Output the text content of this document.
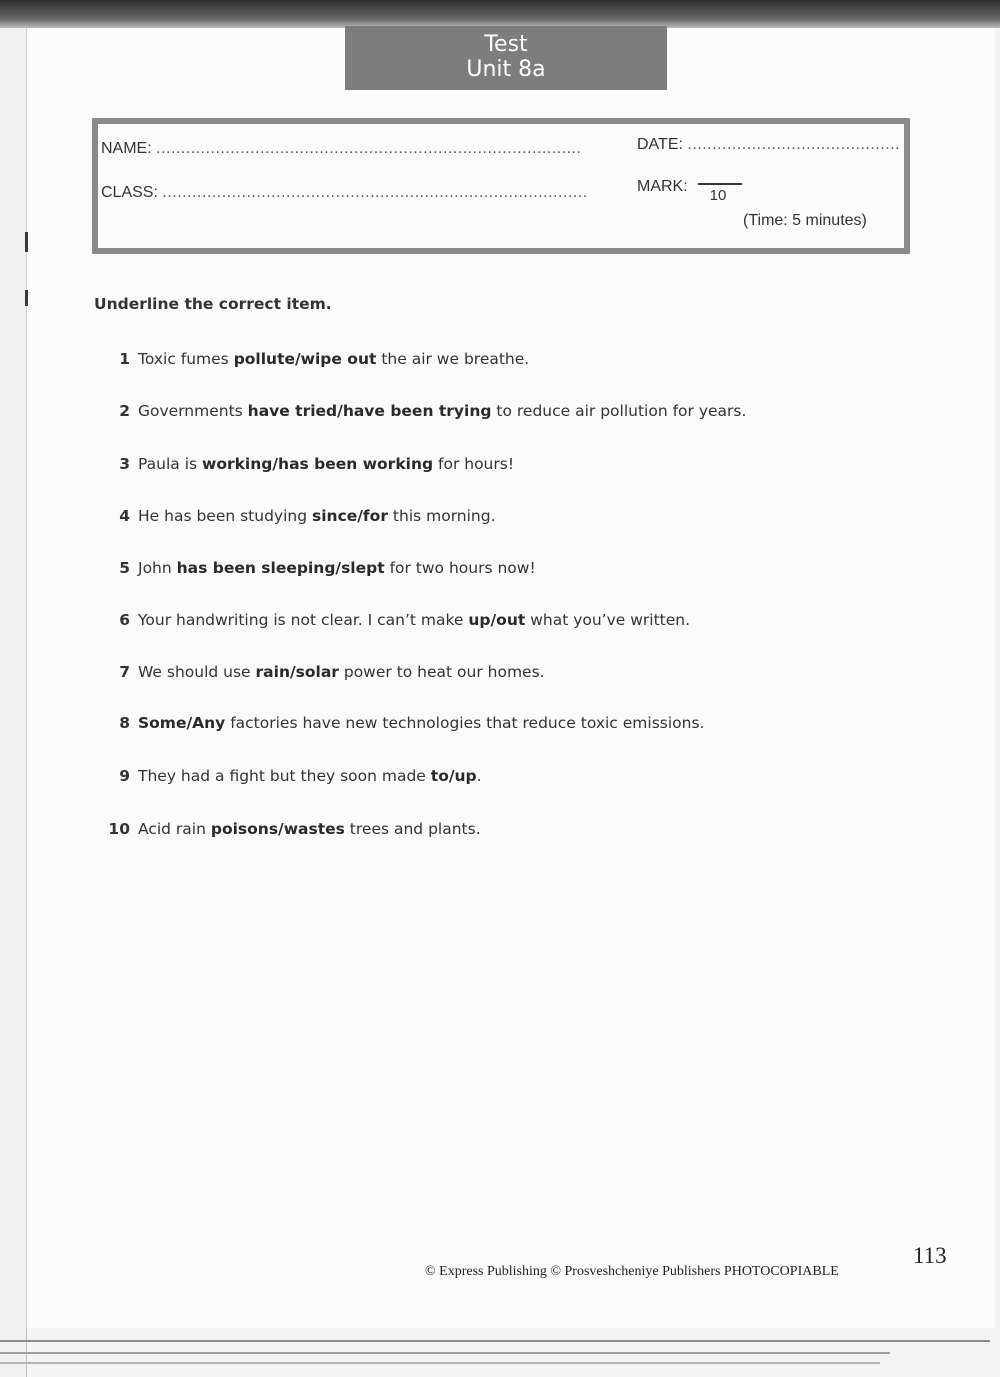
Test
Unit 8a
NAME: ......................................................................................	DATE: ...........................................
CLASS: ......................................................................................	MARK:	10
(Time: 5 minutes)
Underline the correct item.
1 Toxic fumes pollute/wipe out the air we breathe.
2 Governments have tried/have been trying to reduce air pollution for years.
3 Paula is working/has been working for hours!
4 He has been studying since/for this morning.
5 John has been sleeping/slept for two hours now!
6 Your handwriting is not clear. I can’t make up/out what you’ve written.
7 We should use rain/solar power to heat our homes.
8 Some/Any factories have new technologies that reduce toxic emissions.
9 They had a fight but they soon made to/up.
10 Acid rain poisons/wastes trees and plants.
© Express Publishing © Prosveshcheniye Publishers PHOTOCOPIABLE
113
